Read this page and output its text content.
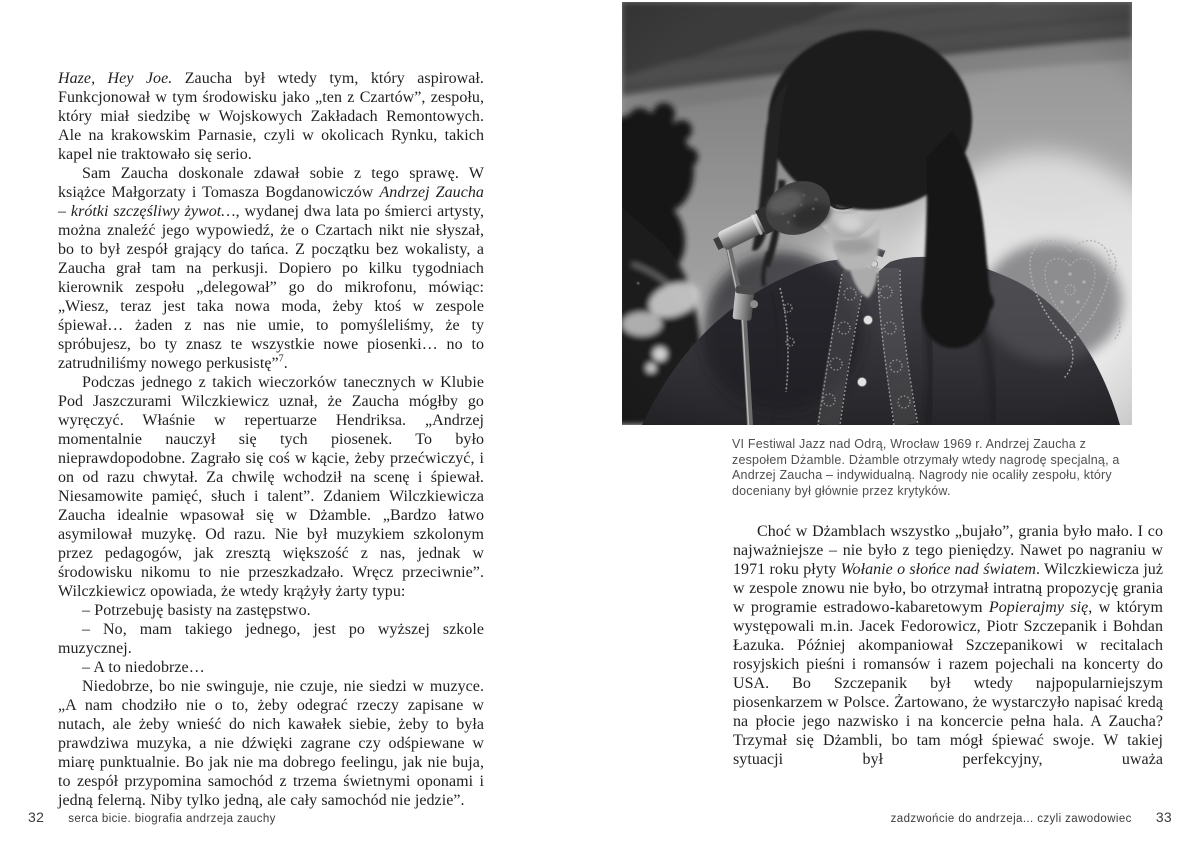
Haze, Hey Joe. Zaucha był wtedy tym, który aspirował. Funkcjonował w tym środowisku jako „ten z Czartów”, zespołu, który miał siedzibę w Wojskowych Zakładach Remontowych. Ale na krakowskim Parnasie, czyli w okolicach Rynku, takich kapel nie traktowało się serio.

Sam Zaucha doskonale zdawał sobie z tego sprawę. W książce Małgorzaty i Tomasza Bogdanowiczów Andrzej Zaucha – krótki szczęśliwy żywot…, wydanej dwa lata po śmierci artysty, można znaleźć jego wypowiedź, że o Czartach nikt nie słyszał, bo to był zespół grający do tańca. Z początku bez wokalisty, a Zaucha grał tam na perkusji. Dopiero po kilku tygodniach kierownik zespołu „delegował” go do mikrofonu, mówiąc: „Wiesz, teraz jest taka nowa moda, żeby ktoś w zespole śpiewał… żaden z nas nie umie, to pomyśleliśmy, że ty spróbujesz, bo ty znasz te wszystkie nowe piosenki… no to zatrudniliśmy nowego perkusistę”$^7$.

Podczas jednego z takich wieczorków tanecznych w Klubie Pod Jaszczurami Wilczkiewicz uznał, że Zaucha mógłby go wyręczyć. Właśnie w repertuarze Hendriksa. „Andrzej momentalnie nauczył się tych piosenek. To było nieprawdopodobne. Zagrało się coś w kącie, żeby przećwiczyć, i on od razu chwytał. Za chwilę wchodził na scenę i śpiewał. Niesamowite pamięć, słuch i talent”. Zdaniem Wilczkiewicza Zaucha idealnie wpasował się w Dżamble. „Bardzo łatwo asymilował muzykę. Od razu. Nie był muzykiem szkolonym przez pedagogów, jak zresztą większość z nas, jednak w środowisku nikomu to nie przeszkadzało. Wręcz przeciwnie”. Wilczkiewicz opowiada, że wtedy krążyły żarty typu:

– Potrzebuję basisty na zastępstwo.

– No, mam takiego jednego, jest po wyższej szkole muzycznej.

– A to niedobrze…

Niedobrze, bo nie swinguje, nie czuje, nie siedzi w muzyce. „A nam chodziło nie o to, żeby odegrać rzeczy zapisane w nutach, ale żeby wnieść do nich kawałek siebie, żeby to była prawdziwa muzyka, a nie dźwięki zagrane czy odśpiewane w miarę punktualnie. Bo jak nie ma dobrego feelingu, jak nie buja, to zespół przypomina samochód z trzema świetnymi oponami i jedną felerną. Niby tylko jedną, ale cały samochód nie jedzie”.

VI Festiwal Jazz nad Odrą, Wrocław 1969 r. Andrzej Zaucha z zespołem Dżamble. Dżamble otrzymały wtedy nagrodę specjalną, a Andrzej Zaucha – indywidualną. Nagrody nie ocaliły zespołu, który doceniany był głównie przez krytyków.

Choć w Dżamblach wszystko „bujało”, grania było mało. I co najważniejsze – nie było z tego pieniędzy. Nawet po nagraniu w 1971 roku płyty Wołanie o słońce nad światem. Wilczkiewicza już w zespole znowu nie było, bo otrzymał intratną propozycję grania w programie estradowo-kabaretowym Popierajmy się, w którym występowali m.in. Jacek Fedorowicz, Piotr Szczepanik i Bohdan Łazuka. Później akompaniował Szczepanikowi w recitalach rosyjskich pieśni i romansów i razem pojechali na koncerty do USA. Bo Szczepanik był wtedy najpopularniejszym piosenkarzem w Polsce. Żartowano, że wystarczyło napisać kredą na płocie jego nazwisko i na koncercie pełna hala. A Zaucha? Trzymał się Dżambli, bo tam mógł śpiewać swoje. W takiej sytuacji był perfekcyjny, uważa

32 serca bicie. biografia andrzeja zauchy	zadzwońcie do andrzeja... czyli zawodowiec 33
